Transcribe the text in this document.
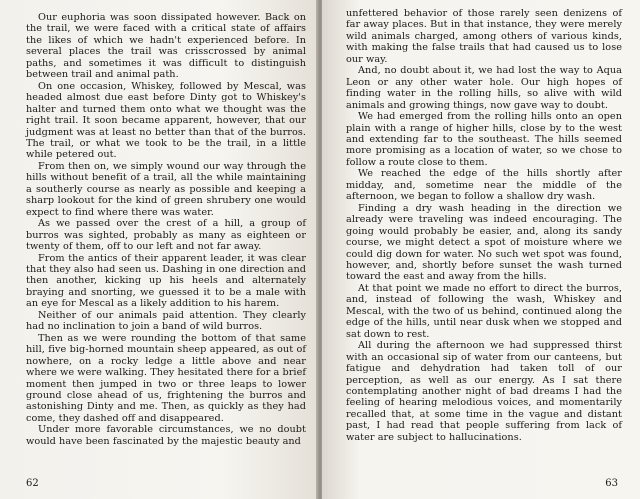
Our euphoria was soon dissipated however. Back on the trail, we were faced with a critical state of affairs the likes of which we hadn't experienced before. In several places the trail was crisscrossed by animal paths, and sometimes it was difficult to distinguish between trail and animal path.

On one occasion, Whiskey, followed by Mescal, was headed almost due east before Dinty got to Whiskey's halter and turned them onto what we thought was the right trail. It soon became apparent, however, that our judgment was at least no better than that of the burros. The trail, or what we took to be the trail, in a little while petered out.

From then on, we simply wound our way through the hills without benefit of a trail, all the while maintaining a southerly course as nearly as possible and keeping a sharp lookout for the kind of green shrubery one would expect to find where there was water.

As we passed over the crest of a hill, a group of burros was sighted, probably as many as eighteen or twenty of them, off to our left and not far away.

From the antics of their apparent leader, it was clear that they also had seen us. Dashing in one direction and then another, kicking up his heels and alternately braying and snorting, we guessed it to be a male with an eye for Mescal as a likely addition to his harem.

Neither of our animals paid attention. They clearly had no inclination to join a band of wild burros.

Then as we were rounding the bottom of that same hill, five big-horned mountain sheep appeared, as out of nowhere, on a rocky ledge a little above and near where we were walking. They hesitated there for a brief moment then jumped in two or three leaps to lower ground close ahead of us, frightening the burros and astonishing Dinty and me. Then, as quickly as they had come, they dashed off and disappeared.

Under more favorable circumstances, we no doubt would have been fascinated by the majestic beauty and

62

unfettered behavior of those rarely seen denizens of far away places. But in that instance, they were merely wild animals charged, among others of various kinds, with making the false trails that had caused us to lose our way.

And, no doubt about it, we had lost the way to Aqua Leon or any other water hole. Our high hopes of finding water in the rolling hills, so alive with wild animals and growing things, now gave way to doubt.

We had emerged from the rolling hills onto an open plain with a range of higher hills, close by to the west and extending far to the southeast. The hills seemed more promising as a location of water, so we chose to follow a route close to them.

We reached the edge of the hills shortly after midday, and, sometime near the middle of the afternoon, we began to follow a shallow dry wash.

Finding a dry wash heading in the direction we already were traveling was indeed encouraging. The going would probably be easier, and, along its sandy course, we might detect a spot of moisture where we could dig down for water. No such wet spot was found, however, and, shortly before sunset the wash turned toward the east and away from the hills.

At that point we made no effort to direct the burros, and, instead of following the wash, Whiskey and Mescal, with the two of us behind, continued along the edge of the hills, until near dusk when we stopped and sat down to rest.

All during the afternoon we had suppressed thirst with an occasional sip of water from our canteens, but fatigue and dehydration had taken toll of our perception, as well as our energy. As I sat there contemplating another night of bad dreams I had the feeling of hearing melodious voices, and momentarily recalled that, at some time in the vague and distant past, I had read that people suffering from lack of water are subject to hallucinations.

63
